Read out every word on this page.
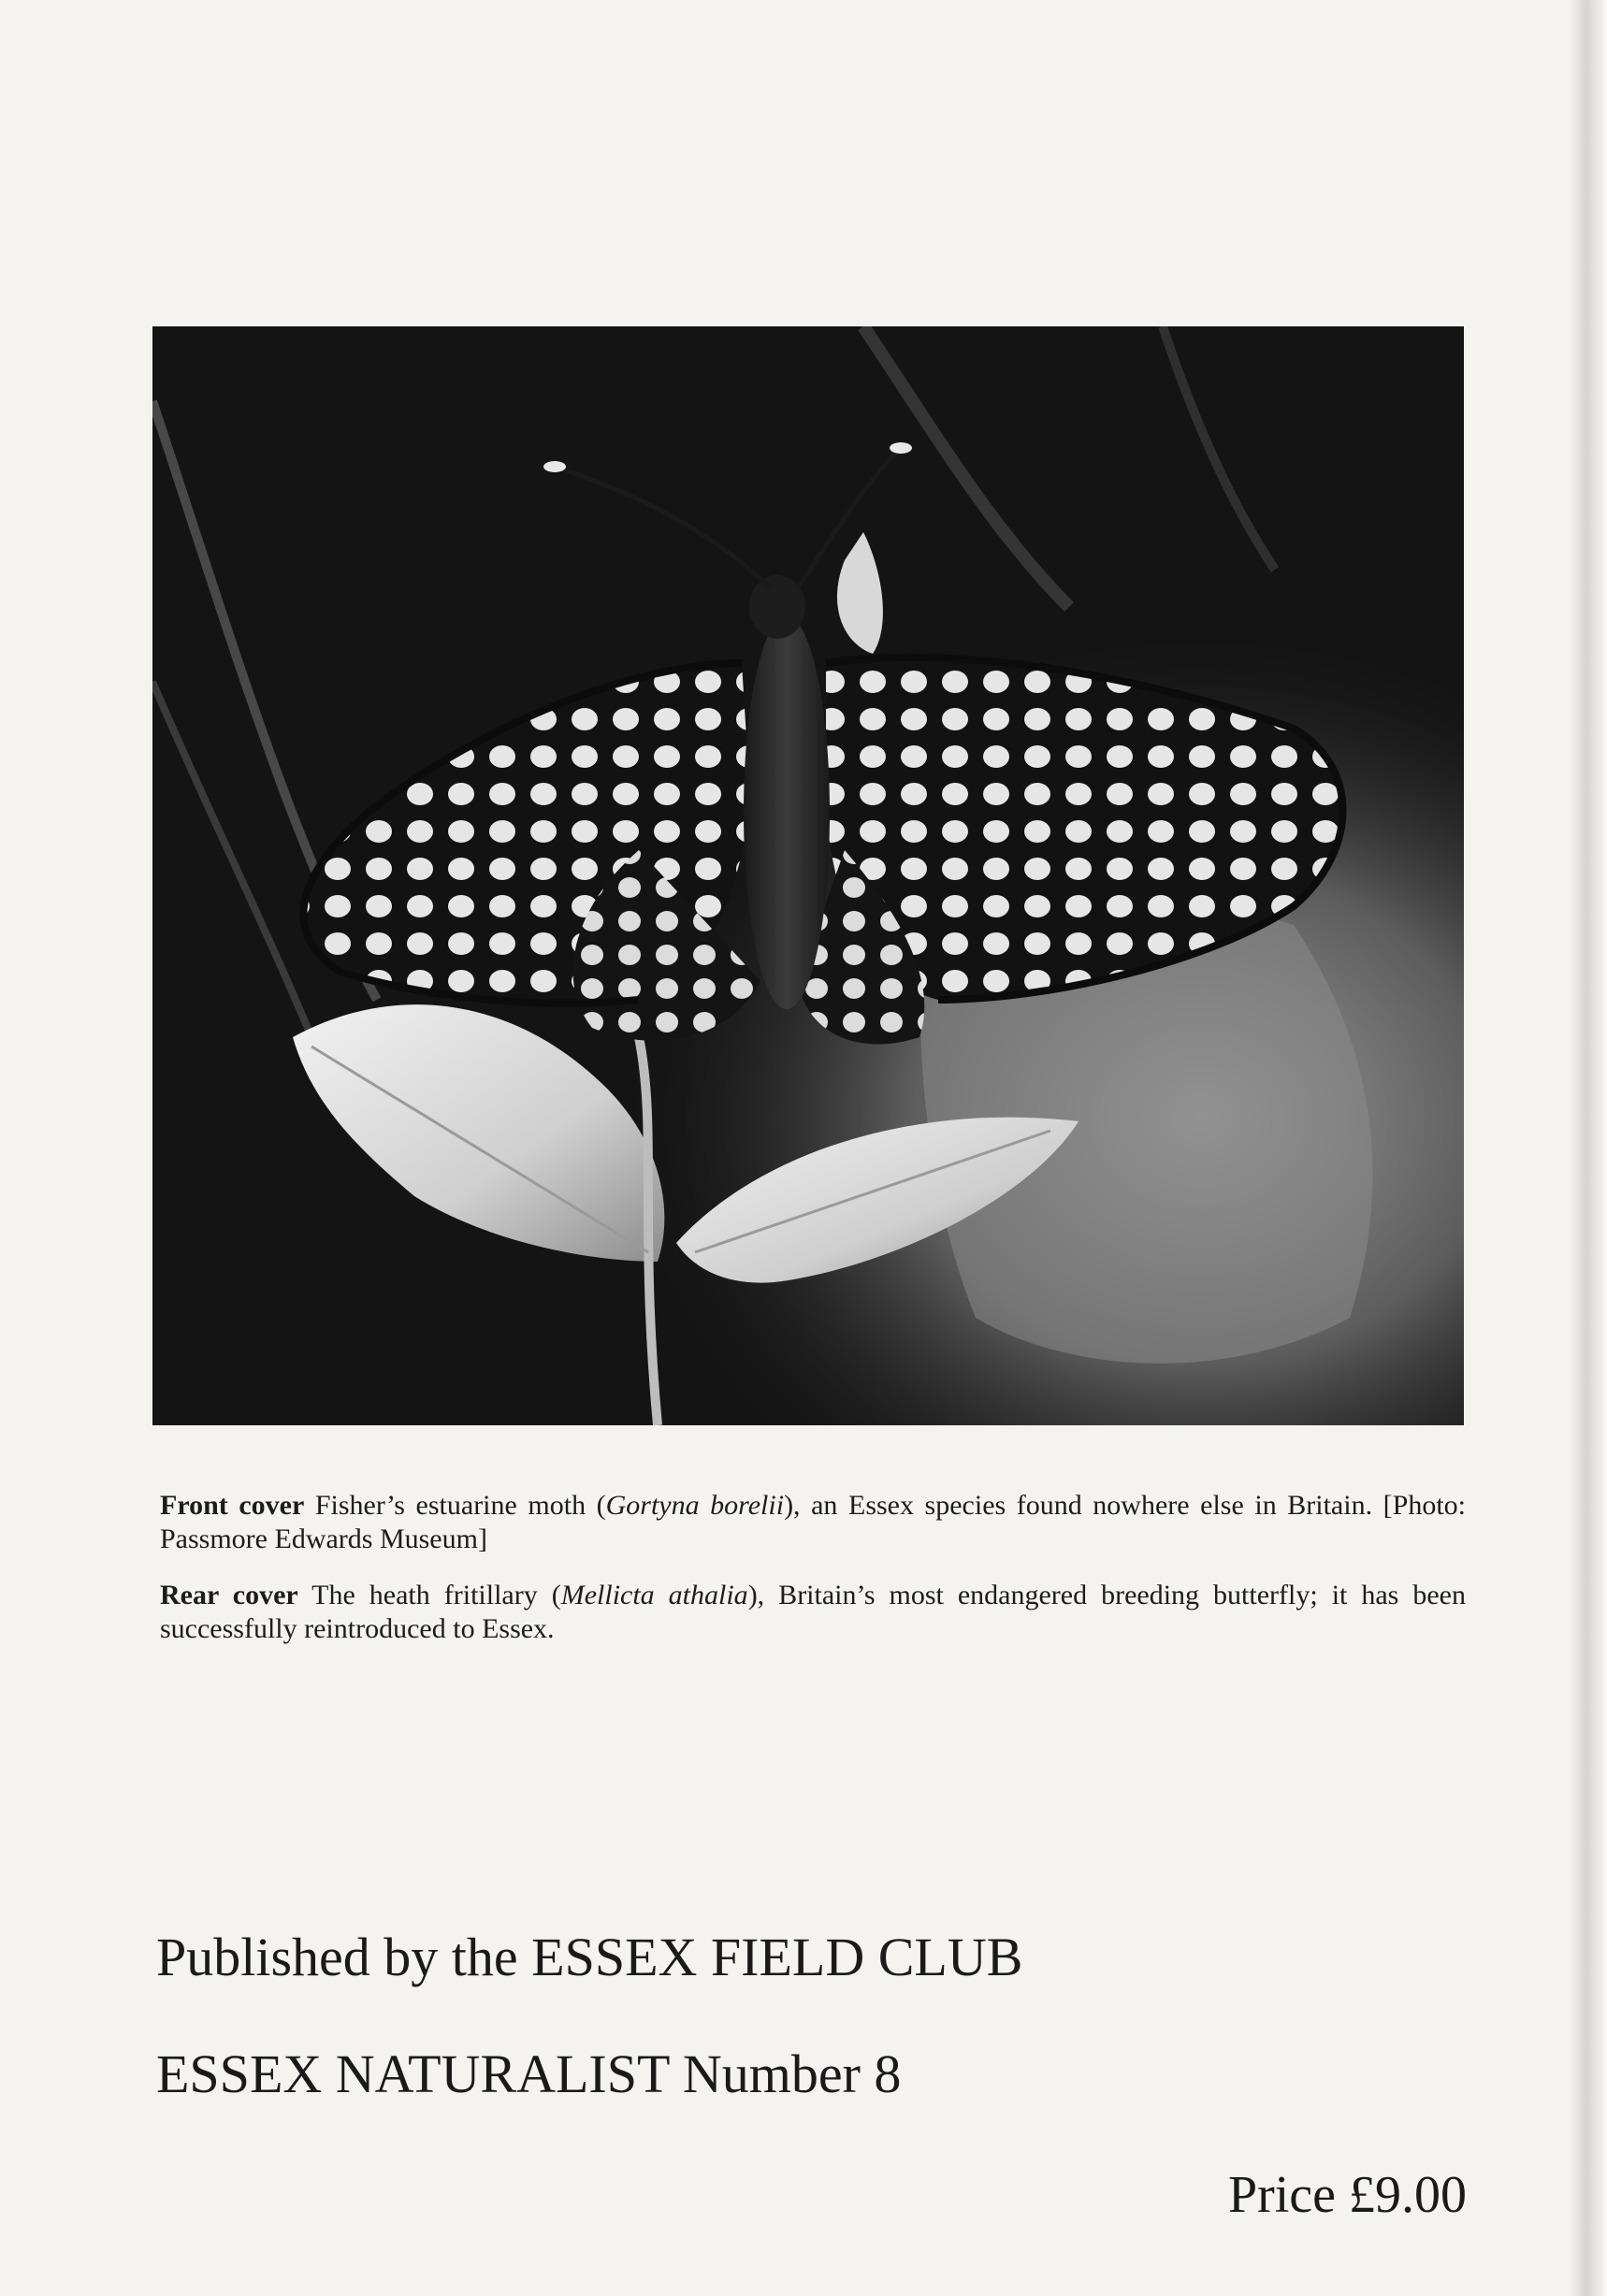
Front cover Fisher’s estuarine moth (Gortyna borelii), an Essex species found nowhere else in Britain. [Photo: Passmore Edwards Museum]

Rear cover The heath fritillary (Mellicta athalia), Britain’s most endangered breeding butterfly; it has been successfully reintroduced to Essex.

Published by the ESSEX FIELD CLUB
ESSEX NATURALIST Number 8
Price £9.00
